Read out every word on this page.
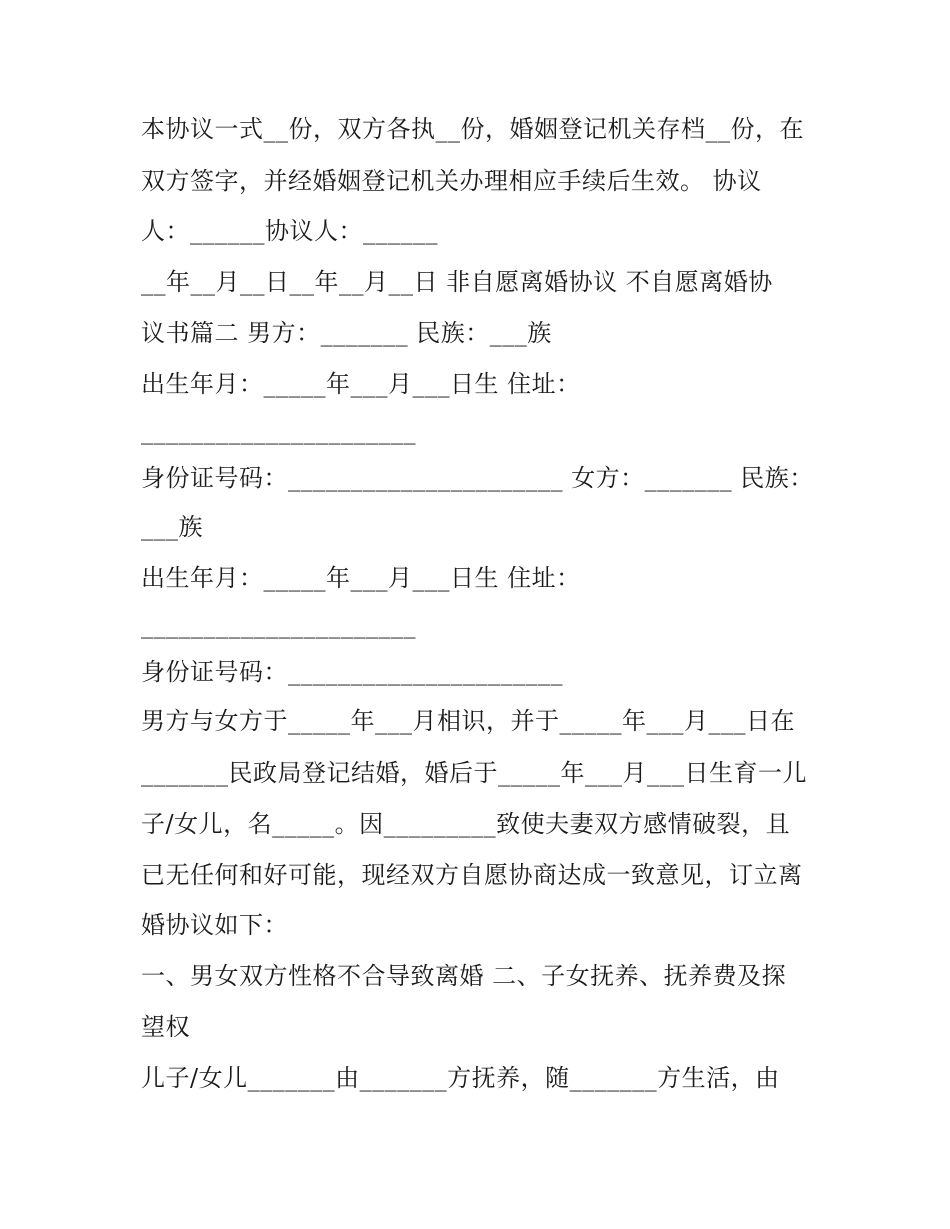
本协议一式__份，双方各执__份，婚姻登记机关存档__份，在

双方签字，并经婚姻登记机关办理相应手续后生效。 协议

人：______协议人：______

__年__月__日__年__月__日 非自愿离婚协议 不自愿离婚协

议书篇二 男方：_______ 民族：___族

出生年月：_____年___月___日生 住址：

______________________

身份证号码：______________________ 女方：_______ 民族：

___族

出生年月：_____年___月___日生 住址：

______________________

身份证号码：______________________

男方与女方于_____年___月相识，并于_____年___月___日在

_______民政局登记结婚，婚后于_____年___月___日生育一儿

子/女儿，名_____。因_________致使夫妻双方感情破裂，且

已无任何和好可能，现经双方自愿协商达成一致意见，订立离

婚协议如下：

一、男女双方性格不合导致离婚 二、子女抚养、抚养费及探

望权

儿子/女儿_______由_______方抚养，随_______方生活，由
